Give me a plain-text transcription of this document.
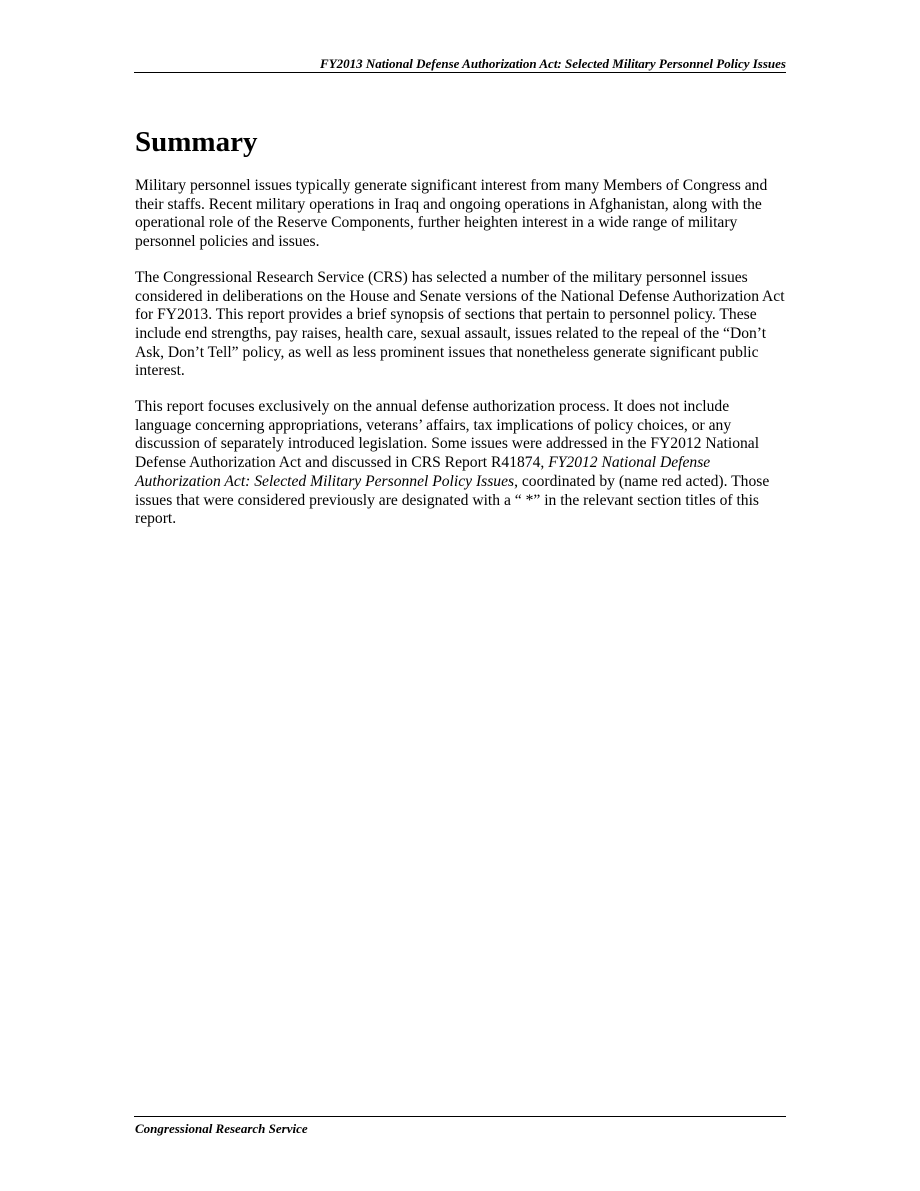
FY2013 National Defense Authorization Act: Selected Military Personnel Policy Issues
Summary

Military personnel issues typically generate significant interest from many Members of Congress and their staffs. Recent military operations in Iraq and ongoing operations in Afghanistan, along with the operational role of the Reserve Components, further heighten interest in a wide range of military personnel policies and issues.

The Congressional Research Service (CRS) has selected a number of the military personnel issues considered in deliberations on the House and Senate versions of the National Defense Authorization Act for FY2013. This report provides a brief synopsis of sections that pertain to personnel policy. These include end strengths, pay raises, health care, sexual assault, issues related to the repeal of the “Don’t Ask, Don’t Tell” policy, as well as less prominent issues that nonetheless generate significant public interest.

This report focuses exclusively on the annual defense authorization process. It does not include language concerning appropriations, veterans’ affairs, tax implications of policy choices, or any discussion of separately introduced legislation. Some issues were addressed in the FY2012 National Defense Authorization Act and discussed in CRS Report R41874, FY2012 National Defense Authorization Act: Selected Military Personnel Policy Issues, coordinated by (name red acted). Those issues that were considered previously are designated with a “ *” in the relevant section titles of this report.

Congressional Research Service
